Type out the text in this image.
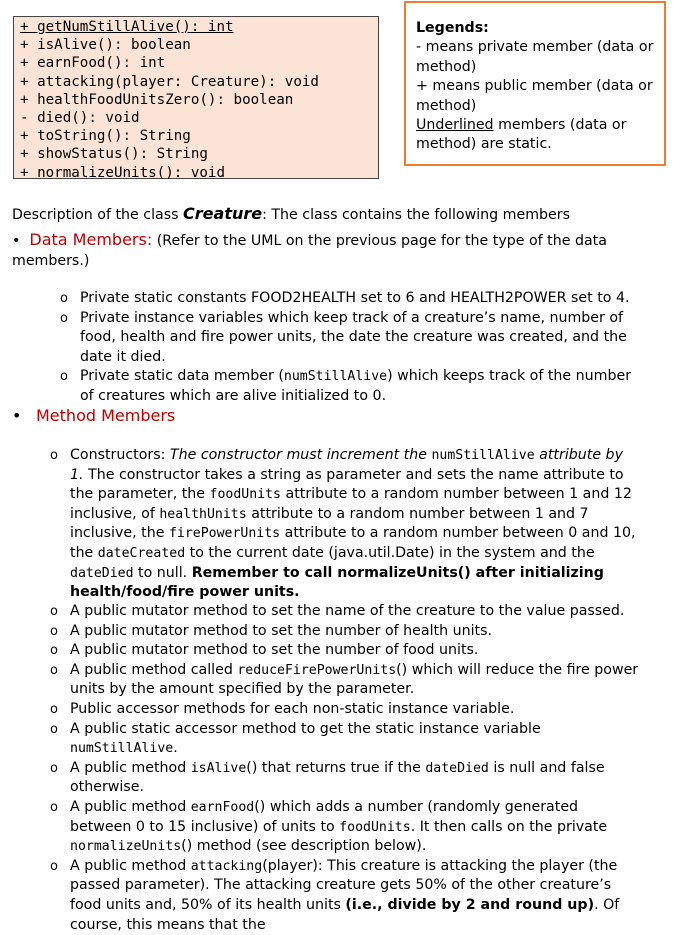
+ getNumStillAlive(): int
+ isAlive(): boolean
+ earnFood(): int
+ attacking(player: Creature): void
+ healthFoodUnitsZero(): boolean
- died(): void
+ toString(): String
+ showStatus(): String
+ normalizeUnits(): void
Legends:
- means private member (data or method)
+ means public member (data or method)
Underlined members (data or method) are static.
Description of the class Creature: The class contains the following members
•  Data Members: (Refer to the UML on the previous page for the type of the data members.)
o Private static constants FOOD2HEALTH set to 6 and HEALTH2POWER set to 4.
o Private instance variables which keep track of a creature’s name, number of food, health and fire power units, the date the creature was created, and the date it died.
o Private static data member (numStillAlive) which keeps track of the number of creatures which are alive initialized to 0.
• Method Members
o Constructors: The constructor must increment the numStillAlive attribute by 1. The constructor takes a string as parameter and sets the name attribute to the parameter, the foodUnits attribute to a random number between 1 and 12 inclusive, of healthUnits attribute to a random number between 1 and 7 inclusive, the firePowerUnits attribute to a random number between 0 and 10, the dateCreated to the current date (java.util.Date) in the system and the dateDied to null. Remember to call normalizeUnits() after initializing health/food/fire power units.
o A public mutator method to set the name of the creature to the value passed.
o A public mutator method to set the number of health units.
o A public mutator method to set the number of food units.
o A public method called reduceFirePowerUnits() which will reduce the fire power units by the amount specified by the parameter.
o Public accessor methods for each non-static instance variable.
o A public static accessor method to get the static instance variable numStillAlive.
o A public method isAlive() that returns true if the dateDied is null and false otherwise.
o A public method earnFood() which adds a number (randomly generated between 0 to 15 inclusive) of units to foodUnits. It then calls on the private normalizeUnits() method (see description below).
o A public method attacking(player): This creature is attacking the player (the passed parameter). The attacking creature gets 50% of the other creature’s food units and, 50% of its health units (i.e., divide by 2 and round up). Of course, this means that the
